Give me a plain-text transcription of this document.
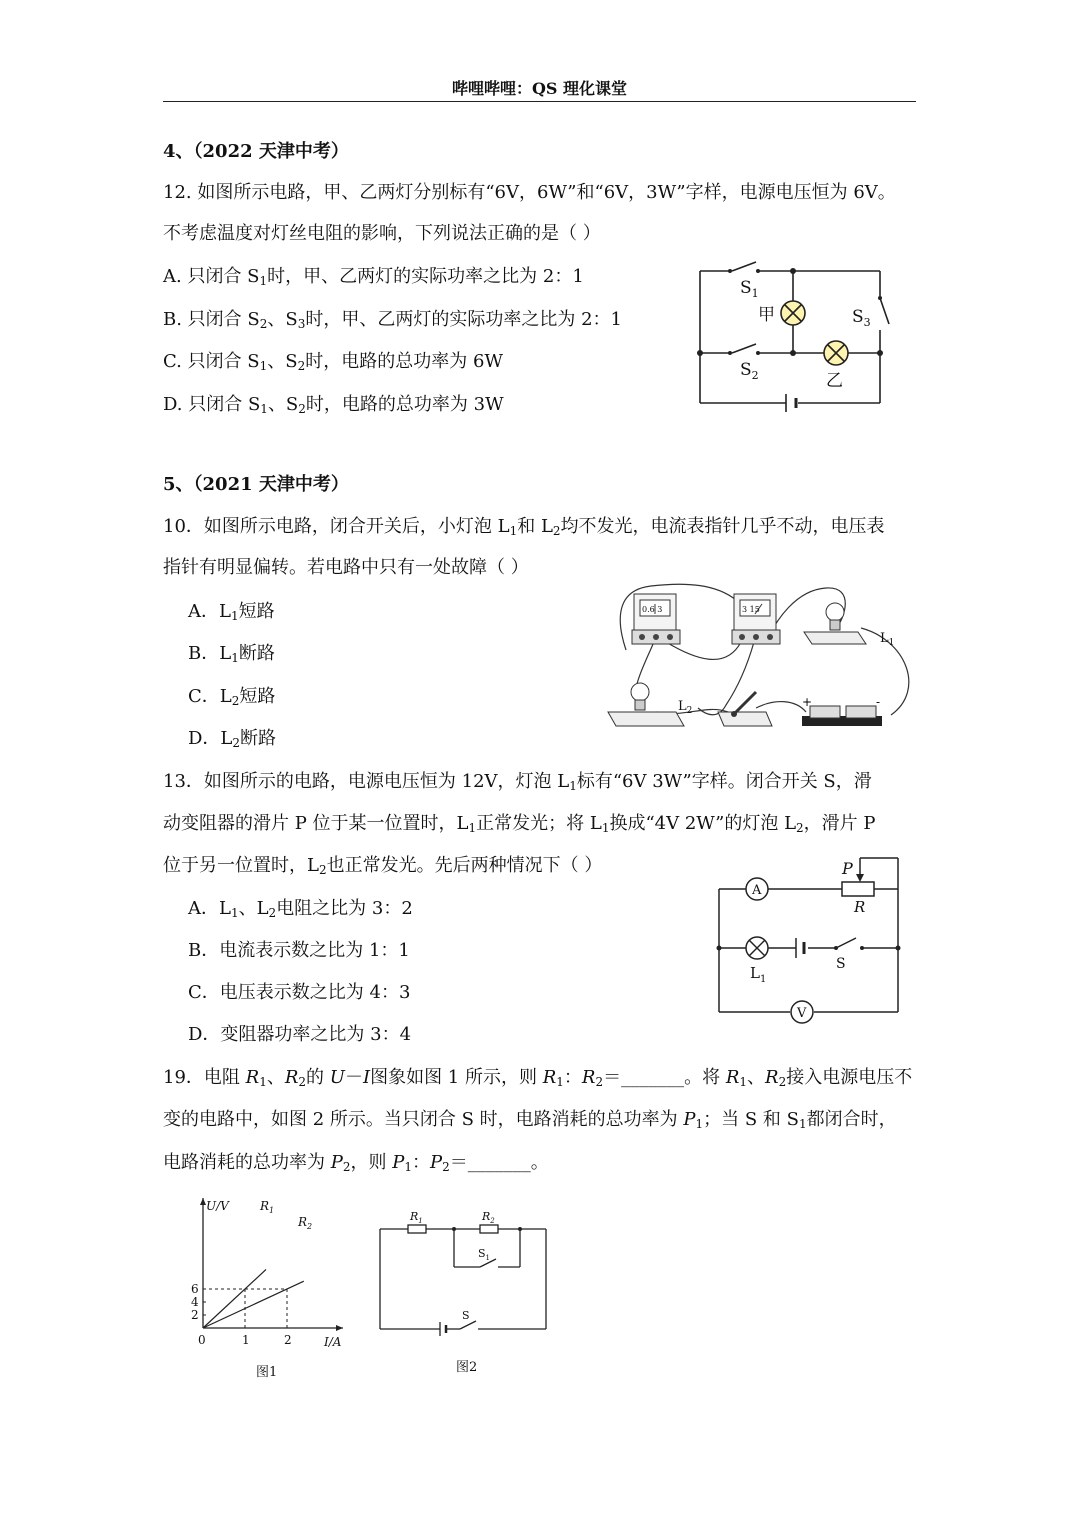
哔哩哔哩：QS 理化课堂
4、（2022 天津中考）
12. 如图所示电路，甲、乙两灯分别标有“6V，6W”和“6V，3W”字样，电源电压恒为 6V。
不考虑温度对灯丝电阻的影响，下列说法正确的是（ ）
A. 只闭合 $S_1$时，甲、乙两灯的实际功率之比为 2：1
B. 只闭合 $S_2$、$S_3$时，甲、乙两灯的实际功率之比为 2：1
C. 只闭合 $S_1$、$S_2$时，电路的总功率为 6W
D. 只闭合 $S_1$、$S_2$时，电路的总功率为 3W
$S_1$
$S_2$
$S_3$
甲
乙
5、（2021 天津中考）
10．如图所示电路，闭合开关后，小灯泡 $L_1$和 $L_2$均不发光，电流表指针几乎不动，电压表
指针有明显偏转。若电路中只有一处故障（ ）
A．$L_1$短路
B．$L_1$断路
C．$L_2$短路
D．$L_2$断路
+	-
0.6 3	3 15
$L_1$
$L_2$
13．如图所示的电路，电源电压恒为 12V，灯泡 $L_1$标有“6V 3W”字样。闭合开关 S，滑
动变阻器的滑片 P 位于某一位置时，$L_1$正常发光；将 $L_1$换成“4V 2W”的灯泡 $L_2$，滑片 P
位于另一位置时，$L_2$也正常发光。先后两种情况下（ ）
A．$L_1$、$L_2$电阻之比为 3：2
B．电流表示数之比为 1：1
C．电压表示数之比为 4：3
D．变阻器功率之比为 3：4
A
V
P
R
$L_1$
S
19．电阻 $R_1$、$R_2$的 U－I图象如图 1 所示，则 $R_1$：$R_2=\_\_\_\_\_\_\_$。将 $R_1$、$R_2$接入电源电压不
变的电路中，如图 2 所示。当只闭合 S 时，电路消耗的总功率为 $P_1$；当 S 和 $S_1$都闭合时，
电路消耗的总功率为 $P_2$，则 $P_1$：$P_2=\_\_\_\_\_\_\_$。
2
4
6
1	2
U/V
I/A
0
$R_1$
$R_2$
图1
$R_1$	$R_2$
$S_1$
S
图2
